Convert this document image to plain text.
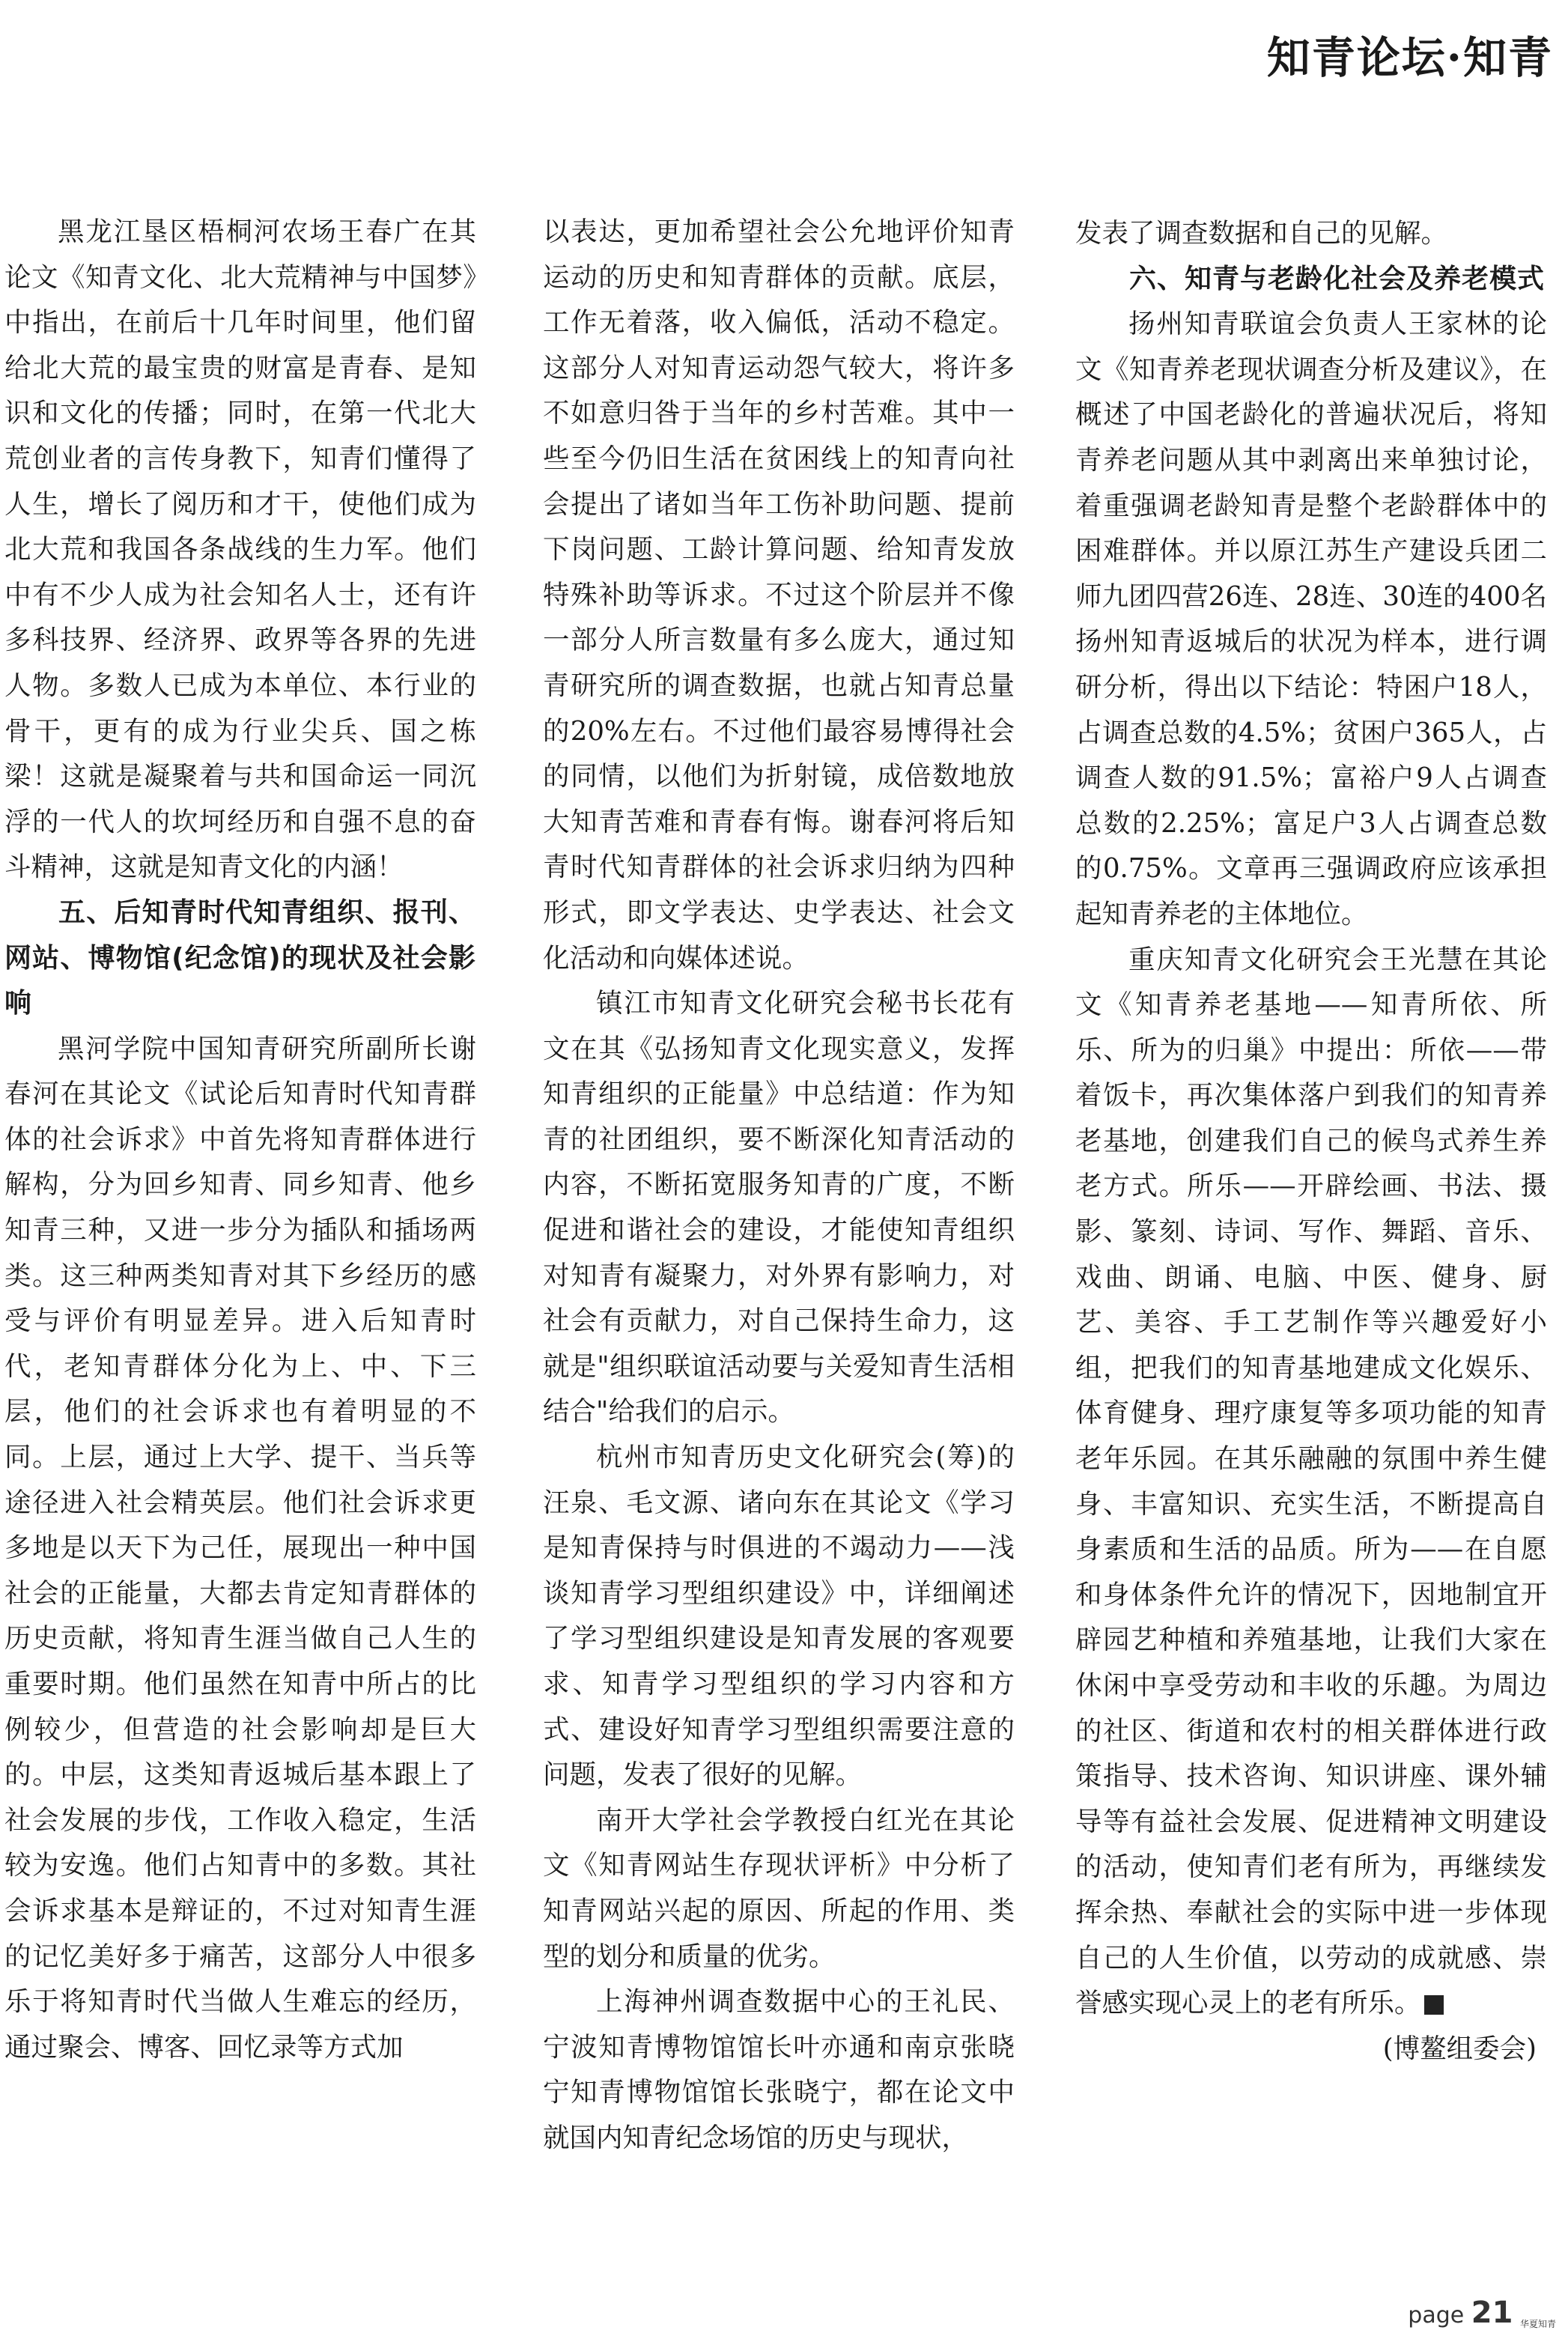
知青论坛·知青

黑龙江垦区梧桐河农场王春广在其论文《知青文化、北大荒精神与中国梦》中指出，在前后十几年时间里，他们留给北大荒的最宝贵的财富是青春、是知识和文化的传播；同时，在第一代北大荒创业者的言传身教下，知青们懂得了人生，增长了阅历和才干，使他们成为北大荒和我国各条战线的生力军。他们中有不少人成为社会知名人士，还有许多科技界、经济界、政界等各界的先进人物。多数人已成为本单位、本行业的骨干，更有的成为行业尖兵、国之栋梁！这就是凝聚着与共和国命运一同沉浮的一代人的坎坷经历和自强不息的奋斗精神，这就是知青文化的内涵！

五、后知青时代知青组织、报刊、网站、博物馆(纪念馆)的现状及社会影响

黑河学院中国知青研究所副所长谢春河在其论文《试论后知青时代知青群体的社会诉求》中首先将知青群体进行解构，分为回乡知青、同乡知青、他乡知青三种，又进一步分为插队和插场两类。这三种两类知青对其下乡经历的感受与评价有明显差异。进入后知青时代，老知青群体分化为上、中、下三层，他们的社会诉求也有着明显的不同。上层，通过上大学、提干、当兵等途径进入社会精英层。他们社会诉求更多地是以天下为己任，展现出一种中国社会的正能量，大都去肯定知青群体的历史贡献，将知青生涯当做自己人生的重要时期。他们虽然在知青中所占的比例较少，但营造的社会影响却是巨大的。中层，这类知青返城后基本跟上了社会发展的步伐，工作收入稳定，生活较为安逸。他们占知青中的多数。其社会诉求基本是辩证的，不过对知青生涯的记忆美好多于痛苦，这部分人中很多乐于将知青时代当做人生难忘的经历，通过聚会、博客、回忆录等方式加

以表达，更加希望社会公允地评价知青运动的历史和知青群体的贡献。底层，工作无着落，收入偏低，活动不稳定。这部分人对知青运动怨气较大，将许多不如意归咎于当年的乡村苦难。其中一些至今仍旧生活在贫困线上的知青向社会提出了诸如当年工伤补助问题、提前下岗问题、工龄计算问题、给知青发放特殊补助等诉求。不过这个阶层并不像一部分人所言数量有多么庞大，通过知青研究所的调查数据，也就占知青总量的20%左右。不过他们最容易博得社会的同情，以他们为折射镜，成倍数地放大知青苦难和青春有悔。谢春河将后知青时代知青群体的社会诉求归纳为四种形式，即文学表达、史学表达、社会文化活动和向媒体述说。

镇江市知青文化研究会秘书长花有文在其《弘扬知青文化现实意义，发挥知青组织的正能量》中总结道：作为知青的社团组织，要不断深化知青活动的内容，不断拓宽服务知青的广度，不断促进和谐社会的建设，才能使知青组织对知青有凝聚力，对外界有影响力，对社会有贡献力，对自己保持生命力，这就是"组织联谊活动要与关爱知青生活相结合"给我们的启示。

杭州市知青历史文化研究会(筹)的汪泉、毛文源、诸向东在其论文《学习是知青保持与时俱进的不竭动力——浅谈知青学习型组织建设》中，详细阐述了学习型组织建设是知青发展的客观要求、知青学习型组织的学习内容和方式、建设好知青学习型组织需要注意的问题，发表了很好的见解。

南开大学社会学教授白红光在其论文《知青网站生存现状评析》中分析了知青网站兴起的原因、所起的作用、类型的划分和质量的优劣。

上海神州调查数据中心的王礼民、宁波知青博物馆馆长叶亦通和南京张晓宁知青博物馆馆长张晓宁，都在论文中就国内知青纪念场馆的历史与现状，

发表了调查数据和自己的见解。

六、知青与老龄化社会及养老模式

扬州知青联谊会负责人王家林的论文《知青养老现状调查分析及建议》，在概述了中国老龄化的普遍状况后，将知青养老问题从其中剥离出来单独讨论，着重强调老龄知青是整个老龄群体中的困难群体。并以原江苏生产建设兵团二师九团四营26连、28连、30连的400名扬州知青返城后的状况为样本，进行调研分析，得出以下结论：特困户18人，占调查总数的4.5%；贫困户365人，占调查人数的91.5%；富裕户9人占调查总数的2.25%；富足户3人占调查总数的0.75%。文章再三强调政府应该承担起知青养老的主体地位。

重庆知青文化研究会王光慧在其论文《知青养老基地——知青所依、所乐、所为的归巢》中提出：所依——带着饭卡，再次集体落户到我们的知青养老基地，创建我们自己的候鸟式养生养老方式。所乐——开辟绘画、书法、摄影、篆刻、诗词、写作、舞蹈、音乐、戏曲、朗诵、电脑、中医、健身、厨艺、美容、手工艺制作等兴趣爱好小组，把我们的知青基地建成文化娱乐、体育健身、理疗康复等多项功能的知青老年乐园。在其乐融融的氛围中养生健身、丰富知识、充实生活，不断提高自身素质和生活的品质。所为——在自愿和身体条件允许的情况下，因地制宜开辟园艺种植和养殖基地，让我们大家在休闲中享受劳动和丰收的乐趣。为周边的社区、街道和农村的相关群体进行政策指导、技术咨询、知识讲座、课外辅导等有益社会发展、促进精神文明建设的活动，使知青们老有所为，再继续发挥余热、奉献社会的实际中进一步体现自己的人生价值，以劳动的成就感、崇誉感实现心灵上的老有所乐。	Z

(博鳌组委会)

page 21 华夏知青
